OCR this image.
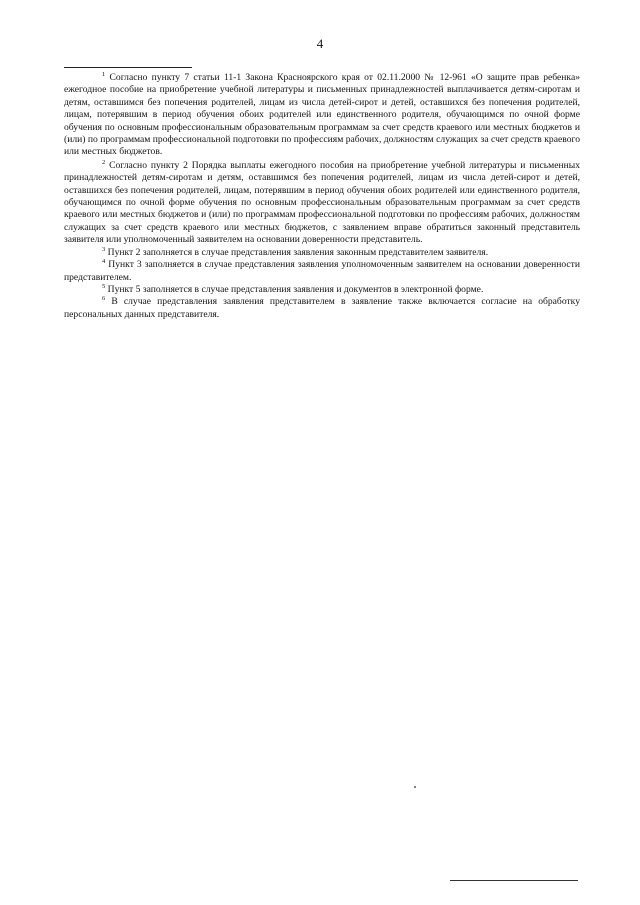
4

$^1$ Согласно пункту 7 статьи 11-1 Закона Красноярского края от 02.11.2000 № 12-961 «О защите прав ребенка» ежегодное пособие на приобретение учебной литературы и письменных принадлежностей выплачивается детям-сиротам и детям, оставшимся без попечения родителей, лицам из числа детей-сирот и детей, оставшихся без попечения родителей, лицам, потерявшим в период обучения обоих родителей или единственного родителя, обучающимся по очной форме обучения по основным профессиональным образовательным программам за счет средств краевого или местных бюджетов и (или) по программам профессиональной подготовки по профессиям рабочих, должностям служащих за счет средств краевого или местных бюджетов.

$^2$ Согласно пункту 2 Порядка выплаты ежегодного пособия на приобретение учебной литературы и письменных принадлежностей детям-сиротам и детям, оставшимся без попечения родителей, лицам из числа детей-сирот и детей, оставшихся без попечения родителей, лицам, потерявшим в период обучения обоих родителей или единственного родителя, обучающимся по очной форме обучения по основным профессиональным образовательным программам за счет средств краевого или местных бюджетов и (или) по программам профессиональной подготовки по профессиям рабочих, должностям служащих за счет средств краевого или местных бюджетов, с заявлением вправе обратиться законный представитель заявителя или уполномоченный заявителем на основании доверенности представитель.

$^3$ Пункт 2 заполняется в случае представления заявления законным представителем заявителя.

$^4$ Пункт 3 заполняется в случае представления заявления уполномоченным заявителем на основании доверенности представителем.

$^5$ Пункт 5 заполняется в случае представления заявления и документов в электронной форме.

$^6$ В случае представления заявления представителем в заявление также включается согласие на обработку персональных данных представителя.
